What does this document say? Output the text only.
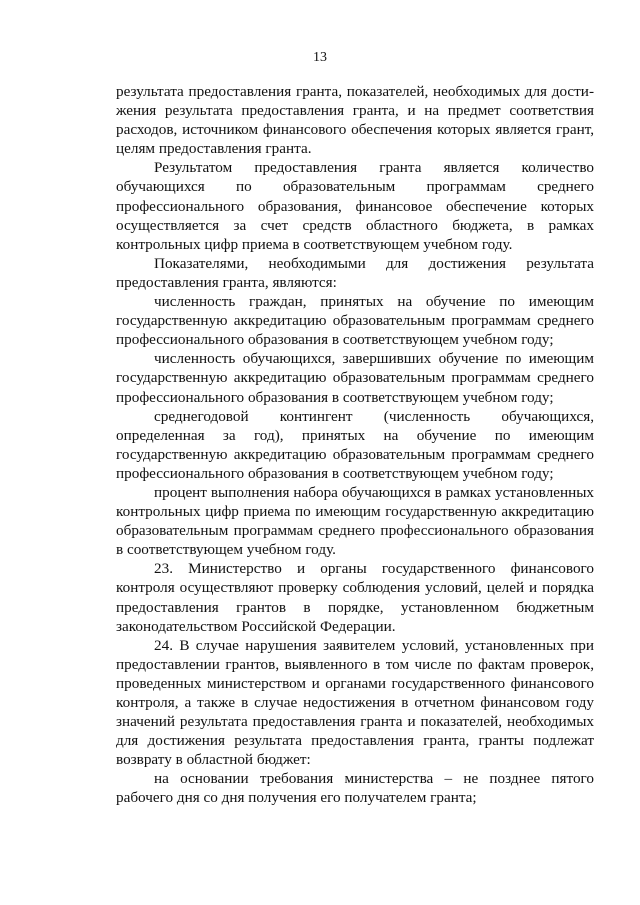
13

результата предоставления гранта, показателей, необходимых для достижения результата предоставления гранта, и на предмет соответствия расходов, источником финансового обеспечения которых является грант, целям предоставления гранта.

Результатом предоставления гранта является количество обучающихся по образовательным программам среднего профессионального образования, финансовое обеспечение которых осуществляется за счет средств областного бюджета, в рамках контрольных цифр приема в соответствующем учебном году.

Показателями, необходимыми для достижения результата предоставления гранта, являются:

численность граждан, принятых на обучение по имеющим государственную аккредитацию образовательным программам среднего профессионального образования в соответствующем учебном году;

численность обучающихся, завершивших обучение по имеющим государственную аккредитацию образовательным программам среднего профессионального образования в соответствующем учебном году;

среднегодовой контингент (численность обучающихся, определенная за год), принятых на обучение по имеющим государственную аккредитацию образовательным программам среднего профессионального образования в соответствующем учебном году;

процент выполнения набора обучающихся в рамках установленных контрольных цифр приема по имеющим государственную аккредитацию образовательным программам среднего профессионального образования в соответствующем учебном году.

23. Министерство и органы государственного финансового контроля осуществляют проверку соблюдения условий, целей и порядка предоставления грантов в порядке, установленном бюджетным законодательством Российской Федерации.

24. В случае нарушения заявителем условий, установленных при предоставлении грантов, выявленного в том числе по фактам проверок, проведенных министерством и органами государственного финансового контроля, а также в случае недостижения в отчетном финансовом году значений результата предоставления гранта и показателей, необходимых для достижения результата предоставления гранта, гранты подлежат возврату в областной бюджет:

на основании требования министерства – не позднее пятого рабочего дня со дня получения его получателем гранта;
